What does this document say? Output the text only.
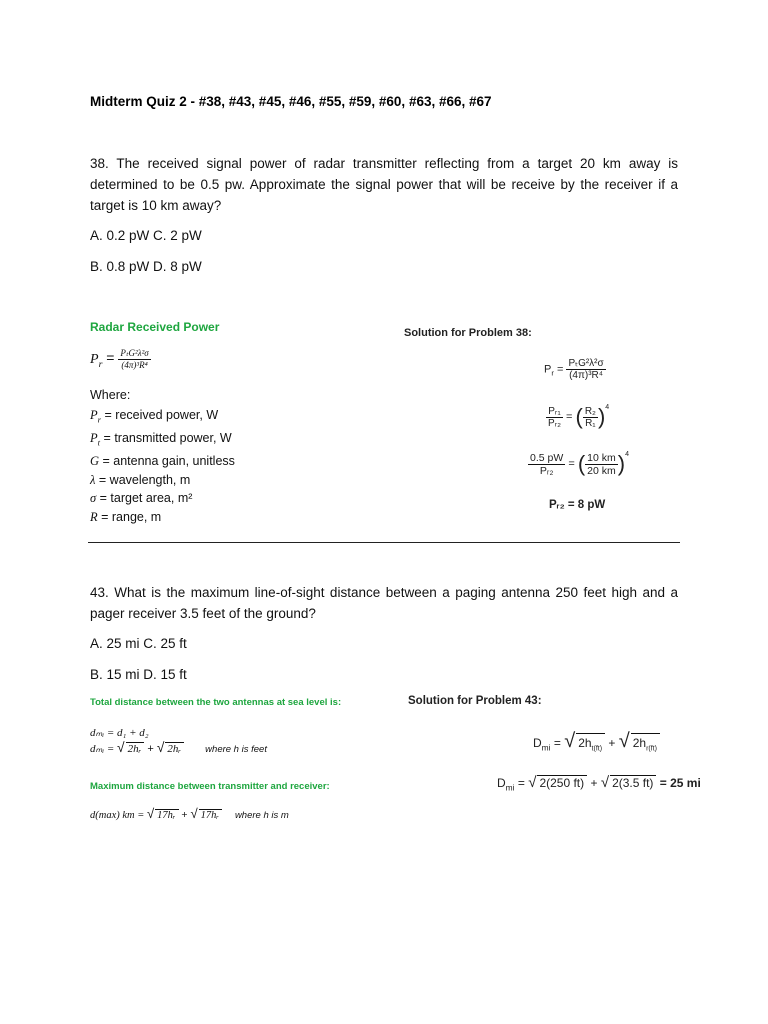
Midterm Quiz 2 - #38, #43, #45, #46, #55, #59, #60, #63, #66, #67
38. The received signal power of radar transmitter reflecting from a target 20 km away is determined to be 0.5 pw. Approximate the signal power that will be receive by the receiver if a target is 10 km away?
A. 0.2 pW C. 2 pW
B. 0.8 pW D. 8 pW
Radar Received Power
$P_r = \frac{\text{PₜG²λ²σ}}{\text{(4π)³R⁴}}$
Where:
$P_r$ = received power, W
$P_t$ = transmitted power, W
G = antenna gain, unitless
λ = wavelength, m
σ = target area, m²
R = range, m
Solution for Problem 38:
$P_r = \frac{\text{PₜG²λ²σ}}{\text{(4π)³R⁴}}$
$\frac{\text{Pᵣ₁}}{\text{Pᵣ₂}}$ = ( $\frac{\text{R₂}}{\text{R₁}} )^4$
$\frac{0.5 pW}{\text{Pᵣ₂}}$ = ( $\frac{10 km}{20 km} )^4$
Pᵣ₂ = 8 pW
43. What is the maximum line-of-sight distance between a paging antenna 250 feet high and a pager receiver 3.5 feet of the ground?
A. 25 mi C. 25 ft
B. 15 mi D. 15 ft
Total distance between the two antennas at sea level is:
dₘᵢ = d₁ + d₂
dₘᵢ = √ 2hᵣ + √ 2hᵣ	where h is feet
Maximum distance between transmitter and receiver:
d(max) km = √ 17hᵣ + √ 17hᵣ where h is m
Solution for Problem 43:
$D_{mi}$ = √ $2h_{t(ft)}$ + √ $2h_{r(ft)}$
$D_{mi}$ = √ 2(250 ft) + √ 2(3.5 ft) = 25 mi
